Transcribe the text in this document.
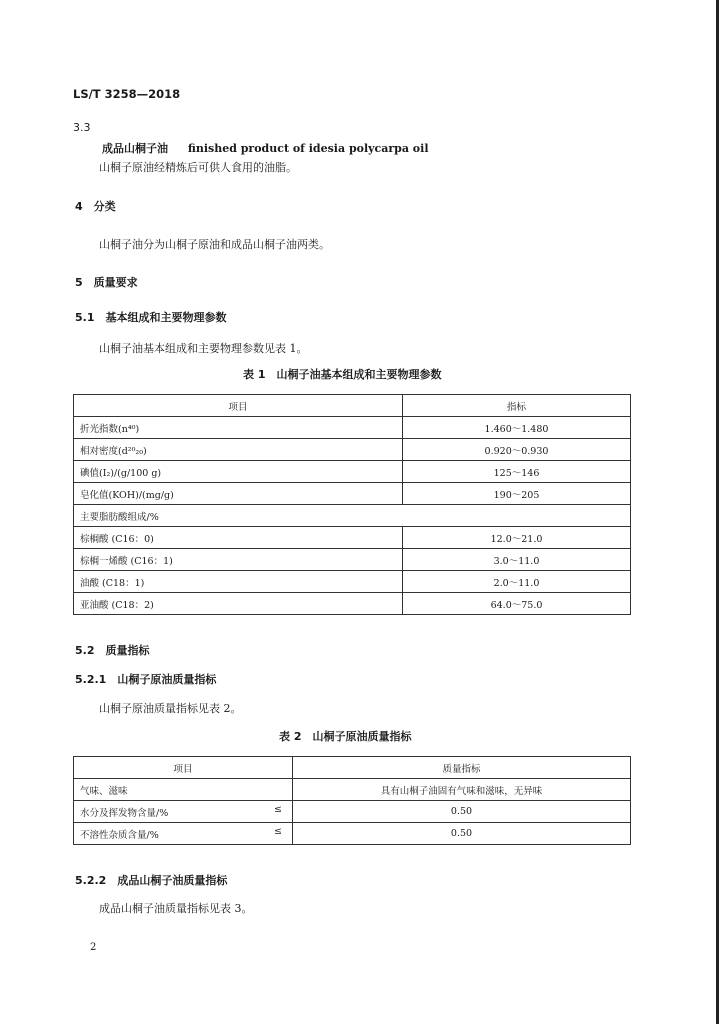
LS/T 3258—2018
3.3
成品山桐子油 finished product of idesia polycarpa oil
山桐子原油经精炼后可供人食用的油脂。
4　分类
山桐子油分为山桐子原油和成品山桐子油两类。
5　质量要求
5.1　基本组成和主要物理参数
山桐子油基本组成和主要物理参数见表 1。
表 1　山桐子油基本组成和主要物理参数
项目	指标
折光指数(n⁴⁰)	1.460～1.480
相对密度(d²⁰₂₀)	0.920～0.930
碘值(I₂)/(g/100 g)	125～146
皂化值(KOH)/(mg/g)	190～205
主要脂肪酸组成/%	
棕榈酸 (C16：0)	12.0～21.0
棕榈一烯酸 (C16：1)	3.0～11.0
油酸 (C18：1)	2.0～11.0
亚油酸 (C18：2)	64.0～75.0
5.2　质量指标
5.2.1　山桐子原油质量指标
山桐子原油质量指标见表 2。
表 2　山桐子原油质量指标
项目	质量指标
气味、滋味	具有山桐子油固有气味和滋味，无异味
水分及挥发物含量/% ≤	0.50
不溶性杂质含量/% ≤	0.50
5.2.2　成品山桐子油质量指标
成品山桐子油质量指标见表 3。
2
